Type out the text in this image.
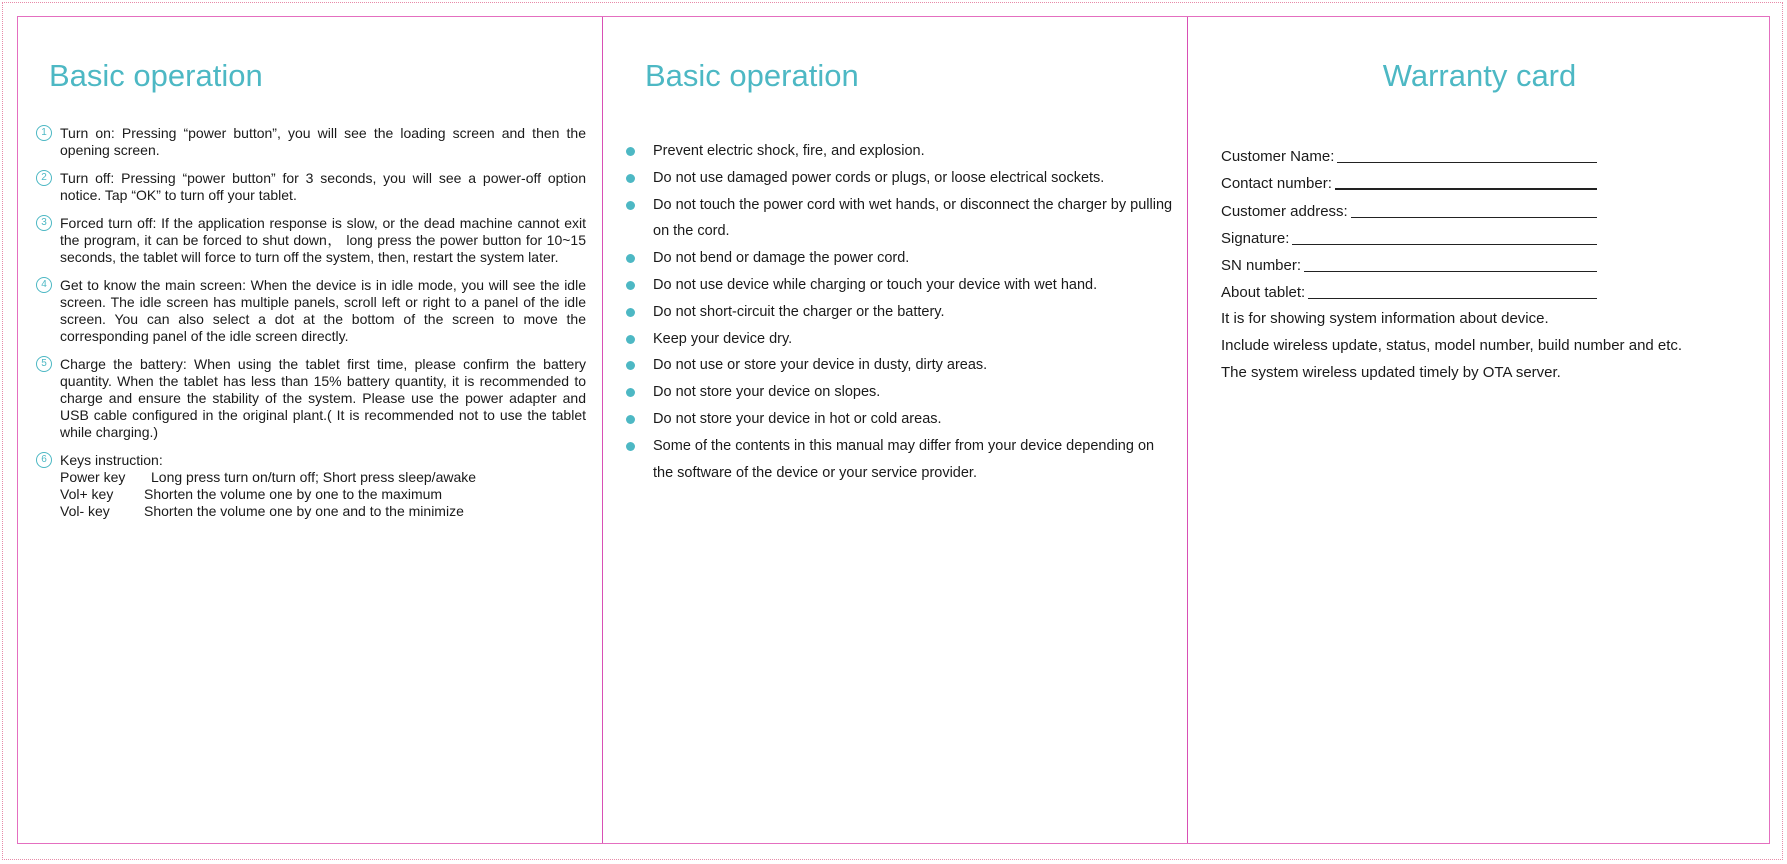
Basic operation
1 Turn on: Pressing “power button”, you will see the loading screen and then the opening screen.
2 Turn off: Pressing “power button” for 3 seconds, you will see a power-off option notice. Tap “OK” to turn off your tablet.
3 Forced turn off: If the application response is slow, or the dead machine cannot exit the program, it can be forced to shut down， long press the power button for 10~15 seconds, the tablet will force to turn off the system, then, restart the system later.
4 Get to know the main screen: When the device is in idle mode, you will see the idle screen. The idle screen has multiple panels, scroll left or right to a panel of the idle screen. You can also select a dot at the bottom of the screen to move the corresponding panel of the idle screen directly.
5 Charge the battery: When using the tablet first time, please confirm the battery quantity. When the tablet has less than 15% battery quantity, it is recommended to charge and ensure the stability of the system. Please use the power adapter and USB cable configured in the original plant.( It is recommended not to use the tablet while charging.)
6 Keys instruction:
Power key	Long press turn on/turn off; Short press sleep/awake
Vol+ key	Shorten the volume one by one to the maximum
Vol- key	Shorten the volume one by one and to the minimize
Basic operation
Prevent electric shock, fire, and explosion.
Do not use damaged power cords or plugs, or loose electrical sockets.
Do not touch the power cord with wet hands, or disconnect the charger by pulling on the cord.
Do not bend or damage the power cord.
Do not use device while charging or touch your device with wet hand.
Do not short-circuit the charger or the battery.
Keep your device dry.
Do not use or store your device in dusty, dirty areas.
Do not store your device on slopes.
Do not store your device in hot or cold areas.
Some of the contents in this manual may differ from your device depending on the software of the device or your service provider.
Warranty card
Customer Name:
Contact number:
Customer address:
Signature:
SN number:
About tablet:
It is for showing system information about device.
Include wireless update, status, model number, build number and etc.
The system wireless updated timely by OTA server.
